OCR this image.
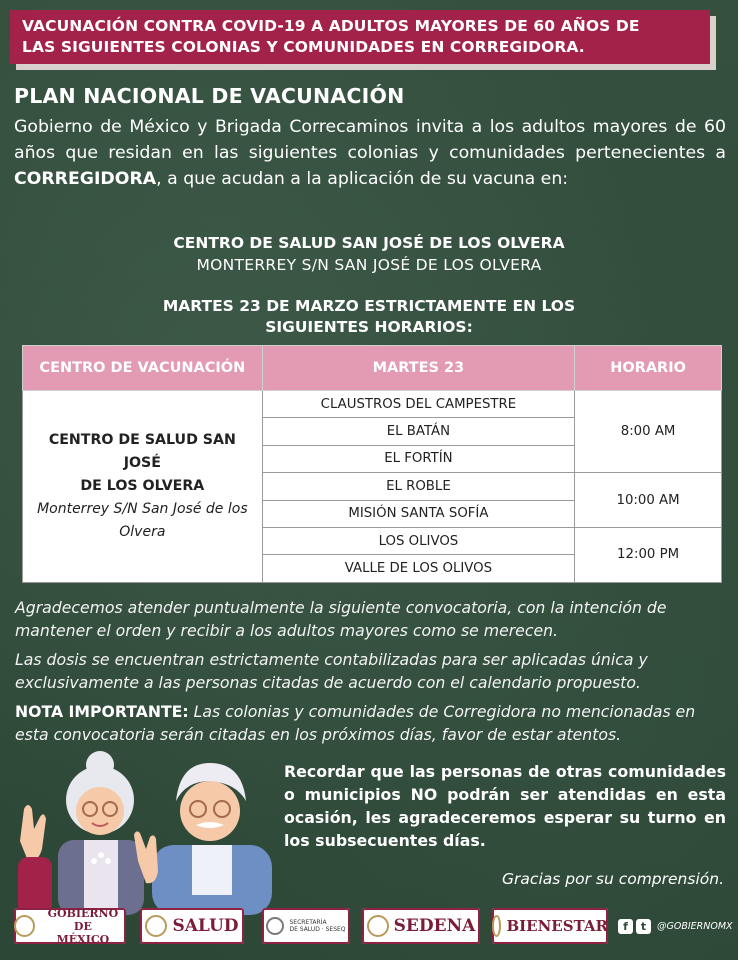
VACUNACIÓN CONTRA COVID-19 A ADULTOS MAYORES DE 60 AÑOS DE
LAS SIGUIENTES COLONIAS Y COMUNIDADES EN CORREGIDORA.
PLAN NACIONAL DE VACUNACIÓN
Gobierno de México y Brigada Correcaminos invita a los adultos mayores de 60 años que residan en las siguientes colonias y comunidades pertenecientes a CORREGIDORA, a que acudan a la aplicación de su vacuna en:
CENTRO DE SALUD SAN JOSÉ DE LOS OLVERA
MONTERREY S/N SAN JOSÉ DE LOS OLVERA
MARTES 23 DE MARZO ESTRICTAMENTE EN LOS
SIGUIENTES HORARIOS:
CENTRO DE VACUNACIÓN	MARTES 23	HORARIO

CENTRO DE SALUD SAN JOSÉ
DE LOS OLVERA
Monterrey S/N San José de los
Olvera	CLAUSTROS DEL CAMPESTRE	8:00 AM
	EL BATÁN	
	EL FORTÍN	
	EL ROBLE	10:00 AM
	MISIÓN SANTA SOFÍA	
	LOS OLIVOS	12:00 PM
	VALLE DE LOS OLIVOS	

Agradecemos atender puntualmente la siguiente convocatoria, con la intención de mantener el orden y recibir a los adultos mayores como se merecen.

Las dosis se encuentran estrictamente contabilizadas para ser aplicadas única y exclusivamente a las personas citadas de acuerdo con el calendario propuesto.

NOTA IMPORTANTE: Las colonias y comunidades de Corregidora no mencionadas en esta convocatoria serán citadas en los próximos días, favor de estar atentos.

Recordar que las personas de otras comunidades o municipios NO podrán ser atendidas en esta ocasión, les agradeceremos esperar su turno en los subsecuentes días.

Gracias por su comprensión.
GOBIERNO DE
MÉXICO
SALUD	SECRETARÍA
DE SALUD · SESEQ	SEDENA BIENESTAR	f	t	@GOBIERNOMX
